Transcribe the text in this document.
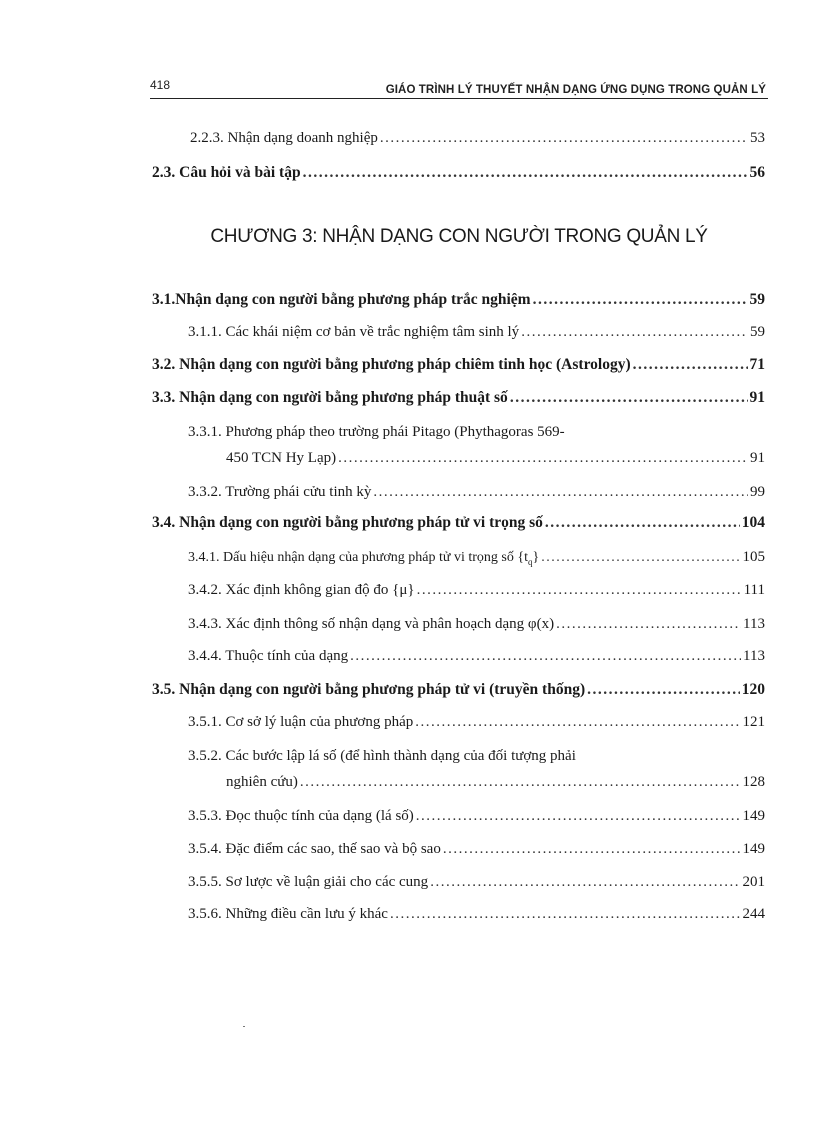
418	GIÁO TRÌNH LÝ THUYẾT NHẬN DẠNG ỨNG DỤNG TRONG QUẢN LÝ
2.2.3. Nhận dạng doanh nghiệp .....	53
2.3. Câu hỏi và bài tập .....	56
CHƯƠNG 3: NHẬN DẠNG CON NGƯỜI TRONG QUẢN LÝ
3.1.Nhận dạng con người bằng phương pháp trắc nghiệm .....	59
3.1.1. Các khái niệm cơ bản về trắc nghiệm tâm sinh lý .....	59
3.2. Nhận dạng con người bằng phương pháp chiêm tinh học (Astrology) .....	71
3.3. Nhận dạng con người bằng phương pháp thuật số .....	91
3.3.1. Phương pháp theo trường phái Pitago (Phythagoras 569-
450 TCN Hy Lạp) .....	91
3.3.2. Trường phái cửu tinh kỳ .....	99
3.4. Nhận dạng con người bằng phương pháp tử vi trọng số .....	104
3.4.1. Dấu hiệu nhận dạng của phương pháp tử vi trọng số $\{t_q\}$ .....	105
3.4.2. Xác định không gian độ đo {μ} .....	111
3.4.3. Xác định thông số nhận dạng và phân hoạch dạng φ(x) .....	113
3.4.4. Thuộc tính của dạng .....	113
3.5. Nhận dạng con người bằng phương pháp tử vi (truyền thống) .....	120
3.5.1. Cơ sở lý luận của phương pháp .....	121
3.5.2. Các bước lập lá số (để hình thành dạng của đối tượng phải
nghiên cứu) .....	128
3.5.3. Đọc thuộc tính của dạng (lá số) .....	149
3.5.4. Đặc điểm các sao, thế sao và bộ sao .....	149
3.5.5. Sơ lược về luận giải cho các cung .....	201
3.5.6. Những điều cần lưu ý khác .....	244
